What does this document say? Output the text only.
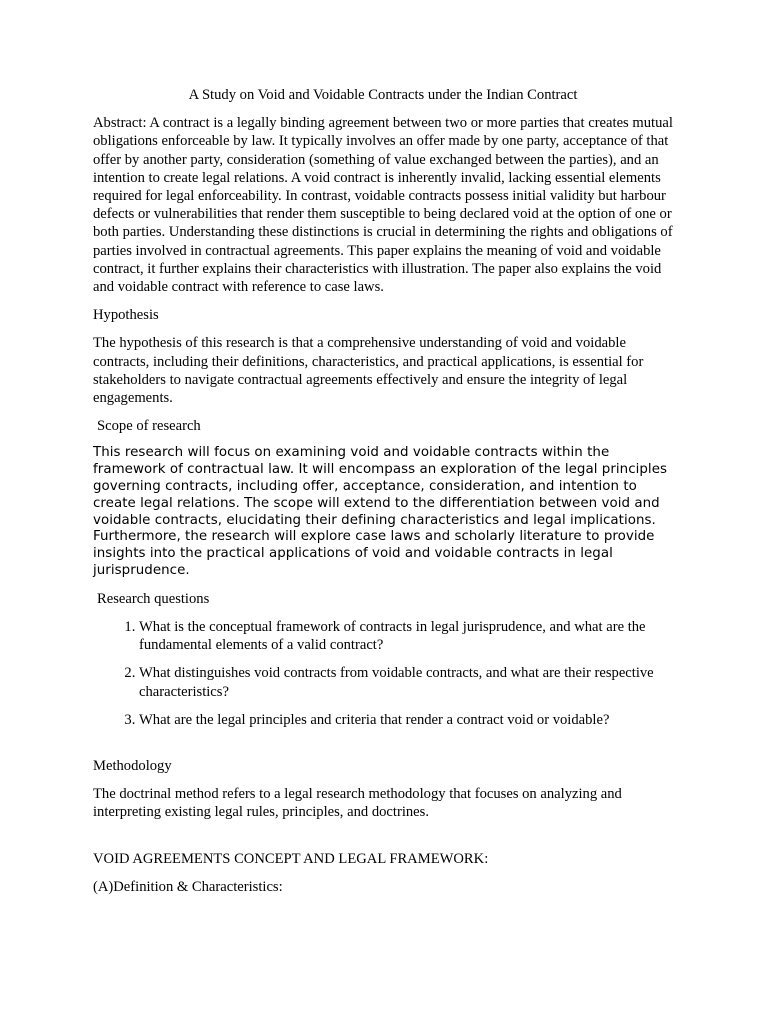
A Study on Void and Voidable Contracts under the Indian Contract

Abstract: A contract is a legally binding agreement between two or more parties that creates mutual obligations enforceable by law. It typically involves an offer made by one party, acceptance of that offer by another party, consideration (something of value exchanged between the parties), and an intention to create legal relations. A void contract is inherently invalid, lacking essential elements required for legal enforceability. In contrast, voidable contracts possess initial validity but harbour defects or vulnerabilities that render them susceptible to being declared void at the option of one or both parties. Understanding these distinctions is crucial in determining the rights and obligations of parties involved in contractual agreements. This paper explains the meaning of void and voidable contract, it further explains their characteristics with illustration. The paper also explains the void and voidable contract with reference to case laws.

Hypothesis

The hypothesis of this research is that a comprehensive understanding of void and voidable contracts, including their definitions, characteristics, and practical applications, is essential for stakeholders to navigate contractual agreements effectively and ensure the integrity of legal engagements.

Scope of research

This research will focus on examining void and voidable contracts within the framework of contractual law. It will encompass an exploration of the legal principles governing contracts, including offer, acceptance, consideration, and intention to create legal relations. The scope will extend to the differentiation between void and voidable contracts, elucidating their defining characteristics and legal implications. Furthermore, the research will explore case laws and scholarly literature to provide insights into the practical applications of void and voidable contracts in legal jurisprudence.

Research questions

1. What is the conceptual framework of contracts in legal jurisprudence, and what are the fundamental elements of a valid contract?
2. What distinguishes void contracts from voidable contracts, and what are their respective characteristics?
3. What are the legal principles and criteria that render a contract void or voidable?

Methodology

The doctrinal method refers to a legal research methodology that focuses on analyzing and interpreting existing legal rules, principles, and doctrines.

VOID AGREEMENTS CONCEPT AND LEGAL FRAMEWORK:

(A)Definition & Characteristics:
